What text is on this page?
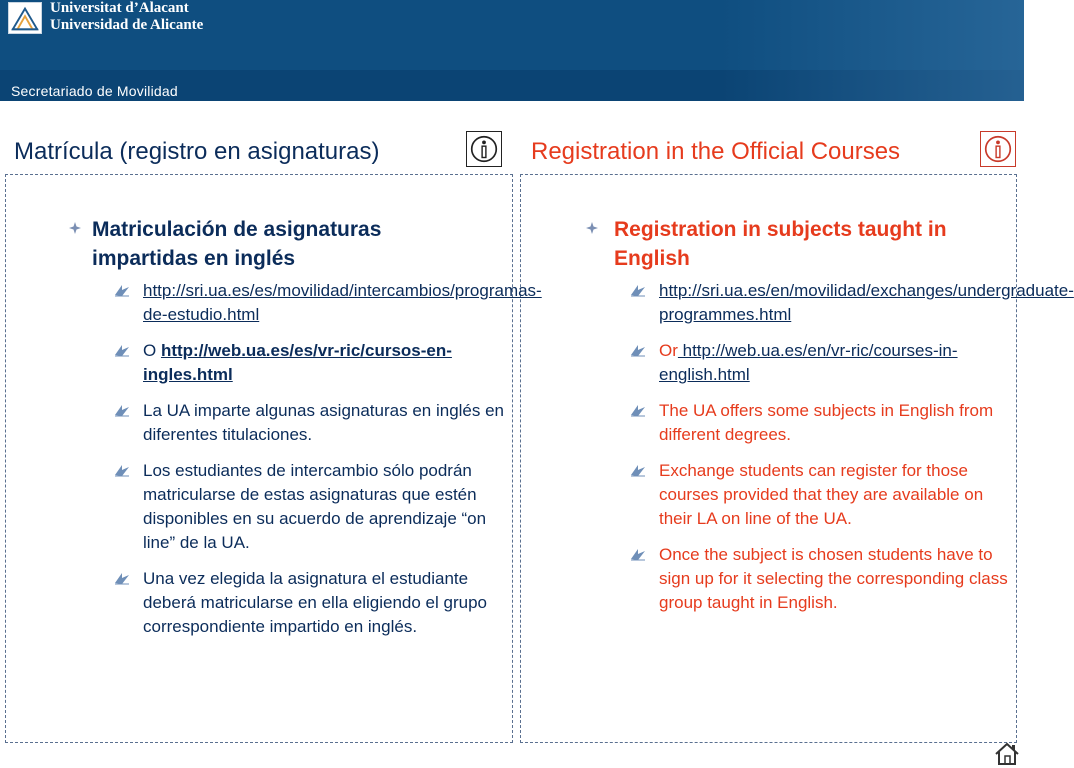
Universitat d’Alacant
Universidad de Alicante
Secretariado de Movilidad
Matrícula (registro en asignaturas)	Registration in the Official Courses
Matriculación de asignaturas impartidas en inglés
http://sri.ua.es/es/movilidad/intercambios/programas-de-estudio.html
O http://web.ua.es/es/vr-ric/cursos-en-ingles.html
La UA imparte algunas asignaturas en inglés en diferentes titulaciones.
Los estudiantes de intercambio sólo podrán matricularse de estas asignaturas que estén disponibles en su acuerdo de aprendizaje “on line” de la UA.
Una vez elegida la asignatura el estudiante deberá matricularse en ella eligiendo el grupo correspondiente impartido en inglés.
Registration in subjects taught in English
http://sri.ua.es/en/movilidad/exchanges/undergraduate-programmes.html
Or http://web.ua.es/en/vr-ric/courses-in-english.html
The UA offers some subjects in English from different degrees.
Exchange students can register for those courses provided that they are available on their LA on line of the UA.
Once the subject is chosen students have to sign up for it selecting the corresponding class group taught in English.
